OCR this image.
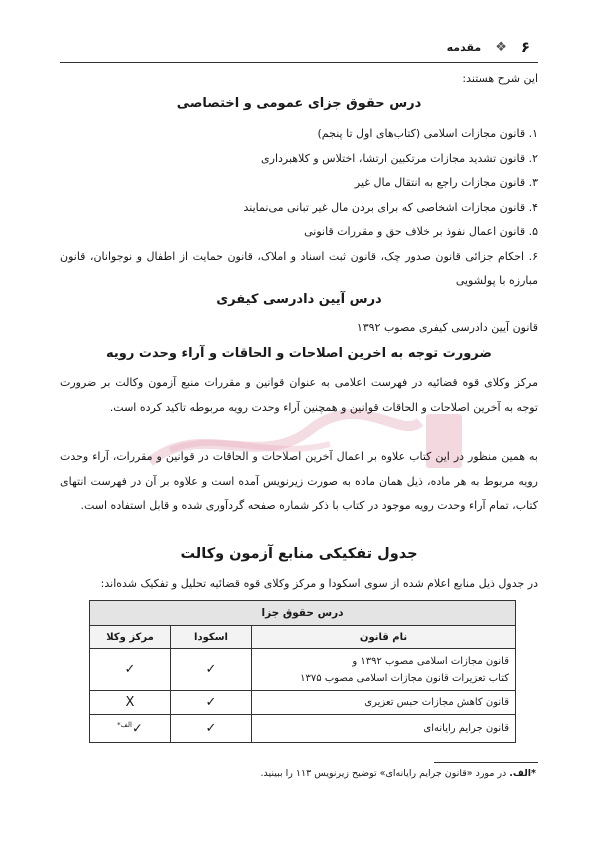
۶
❖
مقدمه
این شرح هستند:
درس حقوق جزای عمومی و اختصاصی
۱. قانون مجازات اسلامی (کتاب‌های اول تا پنجم)
۲. قانون تشدید مجازات مرتکبین ارتشا، اختلاس و کلاهبرداری
۳. قانون مجازات راجع به انتقال مال غیر
۴. قانون مجازات اشخاصی که برای بردن مال غیر تبانی می‌نمایند
۵. قانون اعمال نفوذ بر خلاف حق و مقررات قانونی
۶. احکام جزائی قانون صدور چک، قانون ثبت اسناد و املاک، قانون حمایت از اطفال و نوجوانان، قانون مبارزه با پولشویی
درس آیین دادرسی کیفری
قانون آیین دادرسی کیفری مصوب ۱۳۹۲
ضرورت توجه به اخرین اصلاحات و الحاقات و آراء وحدت رویه
مرکز وکلای قوه قضائیه در فهرست اعلامی به عنوان قوانین و مقررات منبع آزمون وکالت بر ضرورت توجه به آخرین اصلاحات و الحاقات قوانین و همچنین آراء وحدت رویه مربوطه تاکید کرده است.
به همین منظور در این کتاب علاوه بر اعمال آخرین اصلاحات و الحاقات در قوانین و مقررات، آراء وحدت رویه مربوط به هر ماده، ذیل همان ماده به صورت زیرنویس آمده است و علاوه بر آن در فهرست انتهای کتاب، تمام آراء وحدت رویه موجود در کتاب با ذکر شماره صفحه گردآوری شده و قابل استفاده است.
جدول تفکیکی منابع آزمون وکالت
در جدول ذیل منابع اعلام شده از سوی اسکودا و مرکز وکلای قوه قضائیه تحلیل و تفکیک شده‌اند:
درس حقوق جزا		
نام قانون	اسکودا	مرکز وکلا

قانون مجازات اسلامی مصوب ۱۳۹۲ و
کتاب تعزیرات قانون مجازات اسلامی مصوب ۱۳۷۵	✓	✓
قانون کاهش مجازات حبس تعزیری	✓	X
قانون جرایم رایانه‌ای	✓	✓$^{الف*}$
*الف. در مورد «قانون جرایم رایانه‌ای» توضیح زیرنویس ۱۱۳ را ببینید.
